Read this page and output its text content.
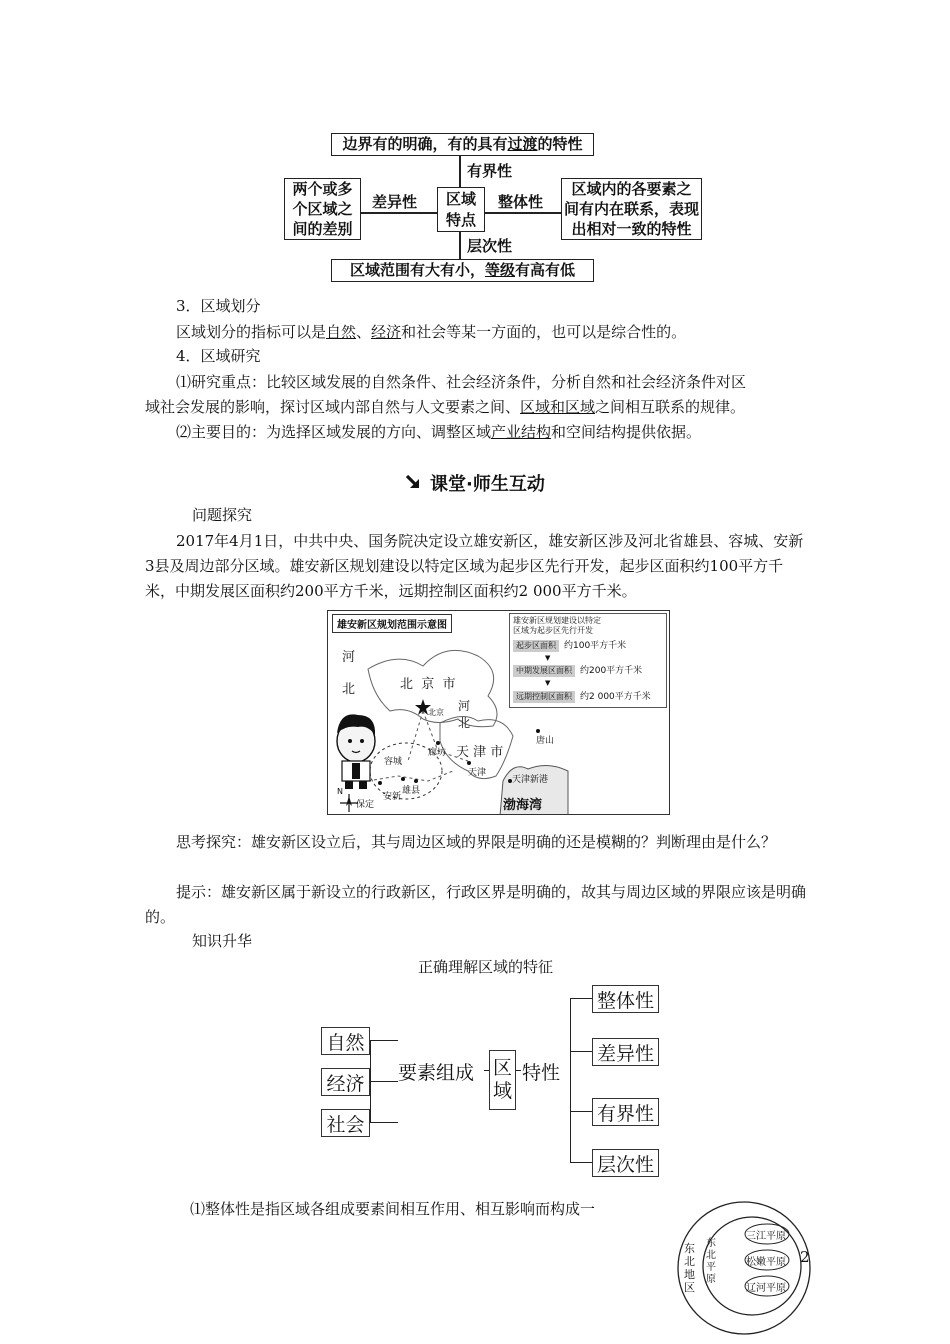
边界有的明确，有的具有过渡的特性
区域范围有大有小，等级有高有低
两个或多
个区域之
间的差别
区域
特点
区域内的各要素之
间有内在联系，表现
出相对一致的特性
有界性
层次性
差异性	整体性
3．区域划分
区域划分的指标可以是自然、经济和社会等某一方面的，也可以是综合性的。
4．区域研究
⑴研究重点：比较区域发展的自然条件、社会经济条件，分析自然和社会经济条件对区
域社会发展的影响，探讨区域内部自然与人文要素之间、区域和区域之间相互联系的规律。
⑵主要目的：为选择区域发展的方向、调整区域产业结构和空间结构提供依据。
课堂·师生互动
问题探究
2017年4月1日，中共中央、国务院决定设立雄安新区，雄安新区涉及河北省雄县、容城、安新3县及周边部分区域。雄安新区规划建设以特定区域为起步区先行开发，起步区面积约100平方千米，中期发展区面积约200平方千米，远期控制区面积约2 000平方千米。
雄安新区规划范围示意图	雄安新区规划建设以特定区域为起步区先行开发
起步区面积 约100平方千米
▼
中期发展区面积 约200平方千米
▼
远期控制区面积 约2 000平方千米
河
北	北  京  市
北京 河
北
天 津 市
唐山
廊坊
容城
天津
天津新港
保定
安新
雄县
渤海湾
N
思考探究：雄安新区设立后，其与周边区域的界限是明确的还是模糊的？判断理由是什么？
提示：雄安新区属于新设立的行政新区，行政区界是明确的，故其与周边区域的界限应该是明确的。
知识升华
正确理解区域的特征
自然
经济
社会
要素组成 区
域
特性
整体性
差异性
有界性
层次性
⑴整体性是指区域各组成要素间相互作用、相互影响而构成一
东
北
地
区
东
北
平
原
三江平原
松嫩平原
辽河平原
2
